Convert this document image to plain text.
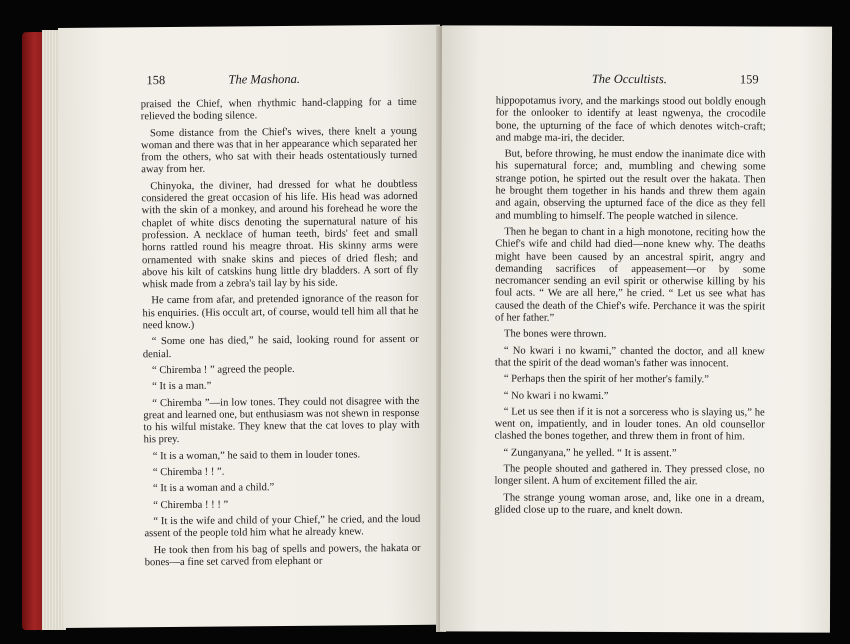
158	The Mashona.

praised the Chief, when rhythmic hand-clapping for a time relieved the boding silence.

Some distance from the Chief's wives, there knelt a young woman and there was that in her appearance which separated her from the others, who sat with their heads ostentatiously turned away from her.

Chinyoka, the diviner, had dressed for what he doubtless considered the great occasion of his life. His head was adorned with the skin of a monkey, and around his forehead he wore the chaplet of white discs denoting the supernatural nature of his profession. A necklace of human teeth, birds' feet and small horns rattled round his meagre throat. His skinny arms were ornamented with snake skins and pieces of dried flesh; and above his kilt of catskins hung little dry bladders. A sort of fly whisk made from a zebra's tail lay by his side.

He came from afar, and pretended ignorance of the reason for his enquiries. (His occult art, of course, would tell him all that he need know.)

“ Some one has died,” he said, looking round for assent or denial.

“ Chiremba ! ” agreed the people.

“ It is a man.”

“ Chiremba ”—in low tones. They could not disagree with the great and learned one, but enthusiasm was not shewn in response to his wilful mistake. They knew that the cat loves to play with his prey.

“ It is a woman,” he said to them in louder tones.

“ Chiremba ! ! ”.

“ It is a woman and a child.”

“ Chiremba ! ! ! ”

“ It is the wife and child of your Chief,” he cried, and the loud assent of the people told him what he already knew.

He took then from his bag of spells and powers, the hakata or bones—a fine set carved from elephant or

The Occultists.	159

hippopotamus ivory, and the markings stood out boldly enough for the onlooker to identify at least ngwenya, the crocodile bone, the upturning of the face of which denotes witch-craft; and mabge ma-iri, the decider.

But, before throwing, he must endow the inanimate dice with his supernatural force; and, mumbling and chewing some strange potion, he spirted out the result over the hakata. Then he brought them together in his hands and threw them again and again, observing the upturned face of the dice as they fell and mumbling to himself. The people watched in silence.

Then he began to chant in a high monotone, reciting how the Chief's wife and child had died—none knew why. The deaths might have been caused by an ancestral spirit, angry and demanding sacrifices of appeasement—or by some necromancer sending an evil spirit or otherwise killing by his foul acts. “ We are all here,” he cried. “ Let us see what has caused the death of the Chief's wife. Perchance it was the spirit of her father.”

The bones were thrown.

“ No kwari i no kwami,” chanted the doctor, and all knew that the spirit of the dead woman's father was innocent.

“ Perhaps then the spirit of her mother's family.”

“ No kwari i no kwami.”

“ Let us see then if it is not a sorceress who is slaying us,” he went on, impatiently, and in louder tones. An old counsellor clashed the bones together, and threw them in front of him.

“ Zunganyana,” he yelled. “ It is assent.”

The people shouted and gathered in. They pressed close, no longer silent. A hum of excitement filled the air.

The strange young woman arose, and, like one in a dream, glided close up to the ruare, and knelt down.
